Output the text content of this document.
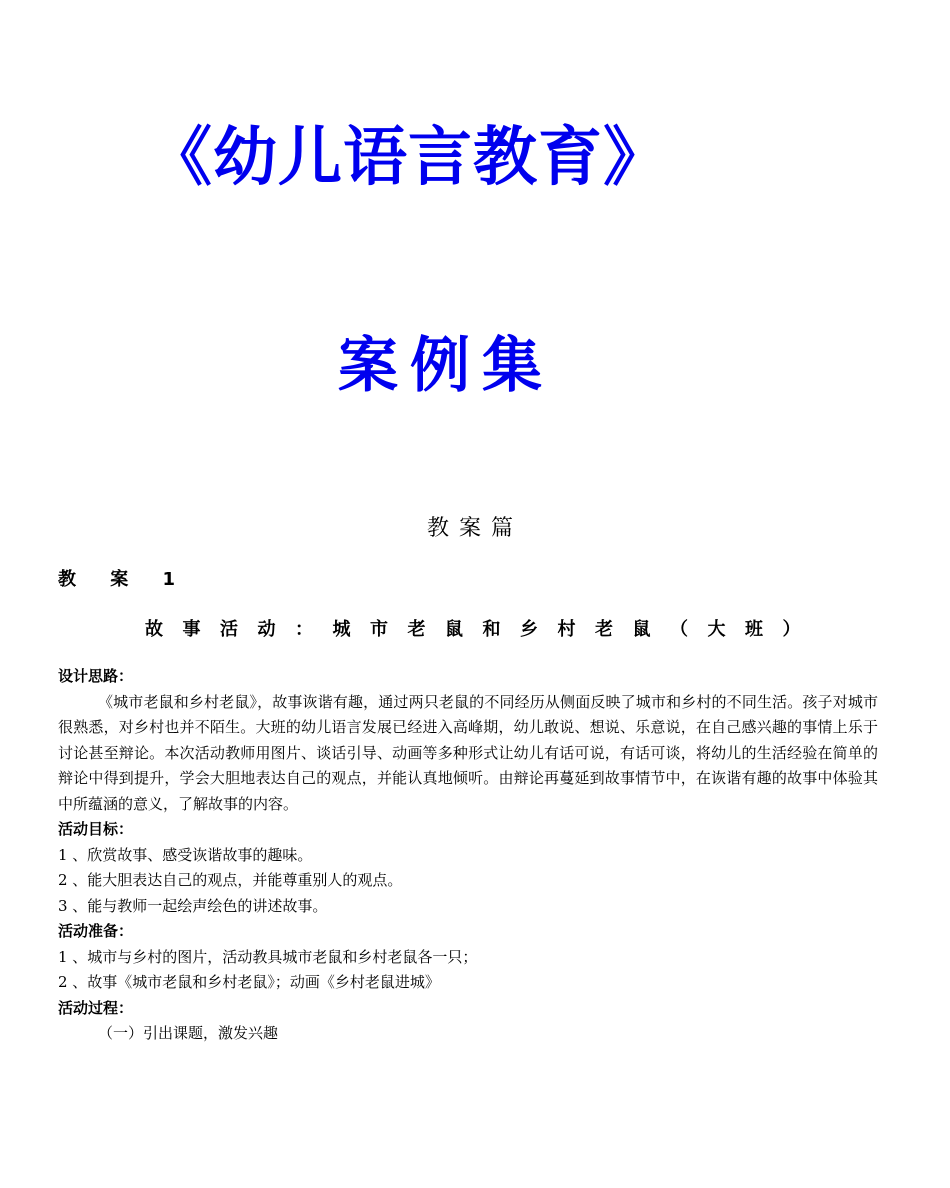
《幼儿语言教育》
案例集
教案篇
教 案 1
故事活动：城市老鼠和乡村老鼠（大班）

设计思路：

《城市老鼠和乡村老鼠》，故事诙谐有趣，通过两只老鼠的不同经历从侧面反映了城市和乡村的不同生活。孩子对城市很熟悉，对乡村也并不陌生。大班的幼儿语言发展已经进入高峰期，幼儿敢说、想说、乐意说，在自己感兴趣的事情上乐于讨论甚至辩论。本次活动教师用图片、谈话引导、动画等多种形式让幼儿有话可说，有话可谈，将幼儿的生活经验在简单的辩论中得到提升，学会大胆地表达自己的观点，并能认真地倾听。由辩论再蔓延到故事情节中，在诙谐有趣的故事中体验其中所蕴涵的意义，了解故事的内容。

活动目标：

1 、欣赏故事、感受诙谐故事的趣味。

2 、能大胆表达自己的观点，并能尊重别人的观点。

3 、能与教师一起绘声绘色的讲述故事。

活动准备：

1 、城市与乡村的图片，活动教具城市老鼠和乡村老鼠各一只；

2 、故事《城市老鼠和乡村老鼠》；动画《乡村老鼠进城》

活动过程：

（一）引出课题，激发兴趣
